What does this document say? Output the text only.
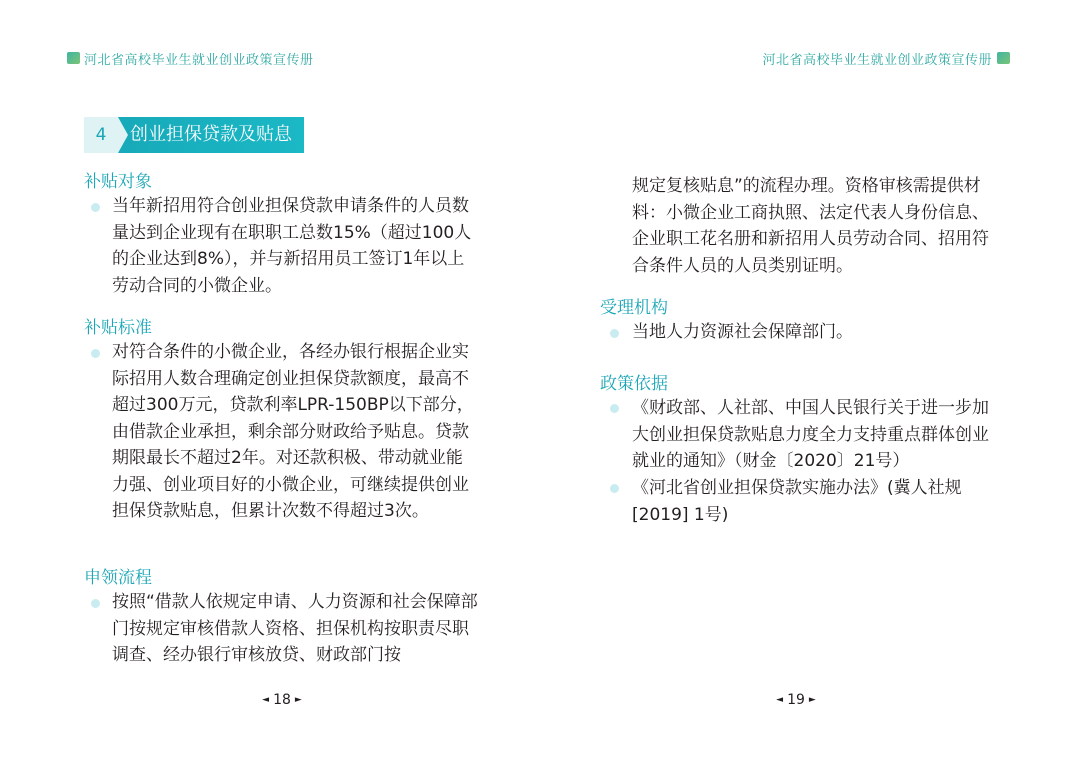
河北省高校毕业生就业创业政策宣传册	河北省高校毕业生就业创业政策宣传册
4	创业担保贷款及贴息
补贴对象
当年新招用符合创业担保贷款申请条件的人员数量达到企业现有在职职工总数15%（超过100人的企业达到8%），并与新招用员工签订1年以上劳动合同的小微企业。
补贴标准
对符合条件的小微企业，各经办银行根据企业实际招用人数合理确定创业担保贷款额度，最高不超过300万元，贷款利率LPR-150BP以下部分，由借款企业承担，剩余部分财政给予贴息。贷款期限最长不超过2年。对还款积极、带动就业能力强、创业项目好的小微企业，可继续提供创业担保贷款贴息，但累计次数不得超过3次。
申领流程
按照“借款人依规定申请、人力资源和社会保障部门按规定审核借款人资格、担保机构按职责尽职调查、经办银行审核放贷、财政部门按
◄ 18 ►
规定复核贴息”的流程办理。资格审核需提供材料：小微企业工商执照、法定代表人身份信息、企业职工花名册和新招用人员劳动合同、招用符合条件人员的人员类别证明。
受理机构
当地人力资源社会保障部门。
政策依据
《财政部、人社部、中国人民银行关于进一步加大创业担保贷款贴息力度全力支持重点群体创业就业的通知》（财金〔2020〕21号）
《河北省创业担保贷款实施办法》(冀人社规[2019] 1号)
◄ 19 ►
